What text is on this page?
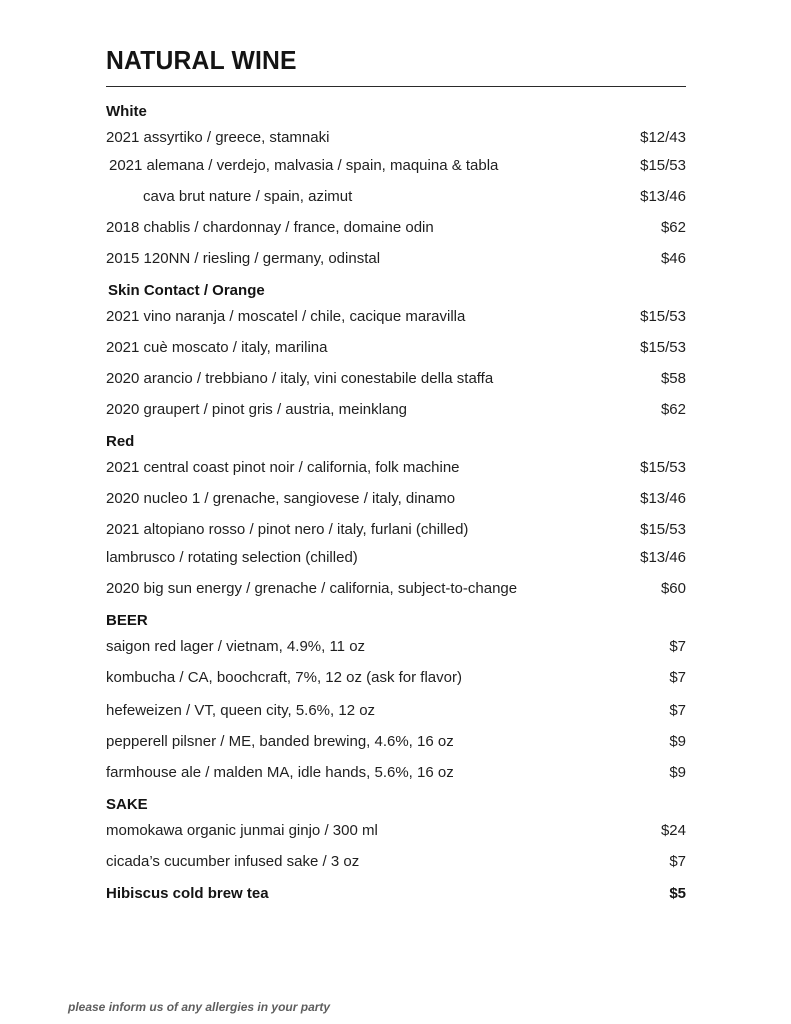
NATURAL WINE
White
2021 assyrtiko / greece, stamnaki	$12/43
2021 alemana / verdejo, malvasia / spain, maquina & tabla	$15/53
cava brut nature / spain, azimut	$13/46
2018 chablis / chardonnay / france, domaine odin	$62
2015 120NN / riesling / germany, odinstal	$46
Skin Contact / Orange
2021 vino naranja / moscatel / chile, cacique maravilla	$15/53
2021 cuè moscato / italy, marilina	$15/53
2020 arancio / trebbiano / italy, vini conestabile della staffa	$58
2020 graupert / pinot gris / austria, meinklang	$62
Red
2021 central coast pinot noir / california, folk machine	$15/53
2020 nucleo 1 / grenache, sangiovese / italy, dinamo	$13/46
2021 altopiano rosso / pinot nero / italy, furlani (chilled)	$15/53
lambrusco / rotating selection (chilled)	$13/46
2020 big sun energy / grenache / california, subject-to-change	$60
BEER
saigon red lager / vietnam, 4.9%, 11 oz	$7
kombucha / CA, boochcraft, 7%, 12 oz (ask for flavor)	$7
hefeweizen / VT, queen city, 5.6%, 12 oz	$7
pepperell pilsner / ME, banded brewing, 4.6%, 16 oz	$9
farmhouse ale / malden MA, idle hands, 5.6%, 16 oz	$9
SAKE
momokawa organic junmai ginjo / 300 ml	$24
cicada’s cucumber infused sake / 3 oz	$7
Hibiscus cold brew tea	$5
please inform us of any allergies in your party
